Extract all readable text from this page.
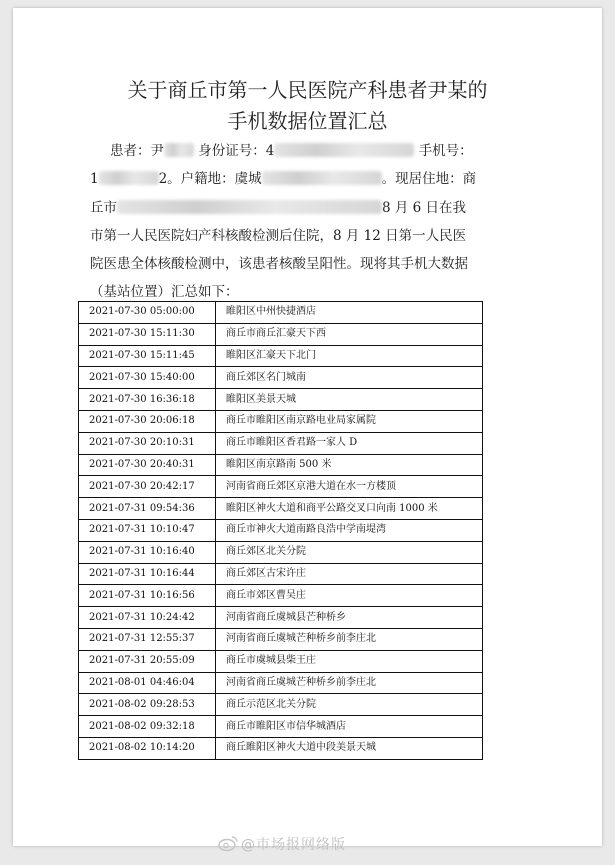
关于商丘市第一人民医院产科患者尹某的
手机数据位置汇总

患者：尹	身份证号：4	手机号：

1	2。户籍地：虞城	。现居住地：商

丘市	8 月 6 日在我

市第一人民医院妇产科核酸检测后住院，8 月 12 日第一人民医

院医患全体核酸检测中，该患者核酸呈阳性。现将其手机大数据

（基站位置）汇总如下：

2021-07-30 05:00:00	睢阳区中州快捷酒店
2021-07-30 15:11:30	商丘市商丘汇豪天下西
2021-07-30 15:11:45	睢阳区汇豪天下北门
2021-07-30 15:40:00	商丘郊区名门城南
2021-07-30 16:36:18	睢阳区美景天城
2021-07-30 20:06:18	商丘市睢阳区南京路电业局家属院
2021-07-30 20:10:31	商丘市睢阳区香君路一家人 D
2021-07-30 20:40:31	睢阳区南京路南 500 米
2021-07-30 20:42:17	河南省商丘郊区京港大道在水一方楼顶
2021-07-31 09:54:36	睢阳区神火大道和商平公路交叉口向南 1000 米
2021-07-31 10:10:47	商丘市神火大道南路良浩中学南堤湾
2021-07-31 10:16:40	商丘郊区北关分院
2021-07-31 10:16:44	商丘郊区古宋许庄
2021-07-31 10:16:56	商丘市郊区曹吴庄
2021-07-31 10:24:42	河南省商丘虞城县芒种桥乡
2021-07-31 12:55:37	河南省商丘虞城芒种桥乡前李庄北
2021-07-31 20:55:09	商丘市虞城县柴王庄
2021-08-01 04:46:04	河南省商丘虞城芒种桥乡前李庄北
2021-08-02 09:28:53	商丘示范区北关分院
2021-08-02 09:32:18	商丘市睢阳区市信华城酒店
2021-08-02 10:14:20	商丘睢阳区神火大道中段美景天城
@市场报网络版
